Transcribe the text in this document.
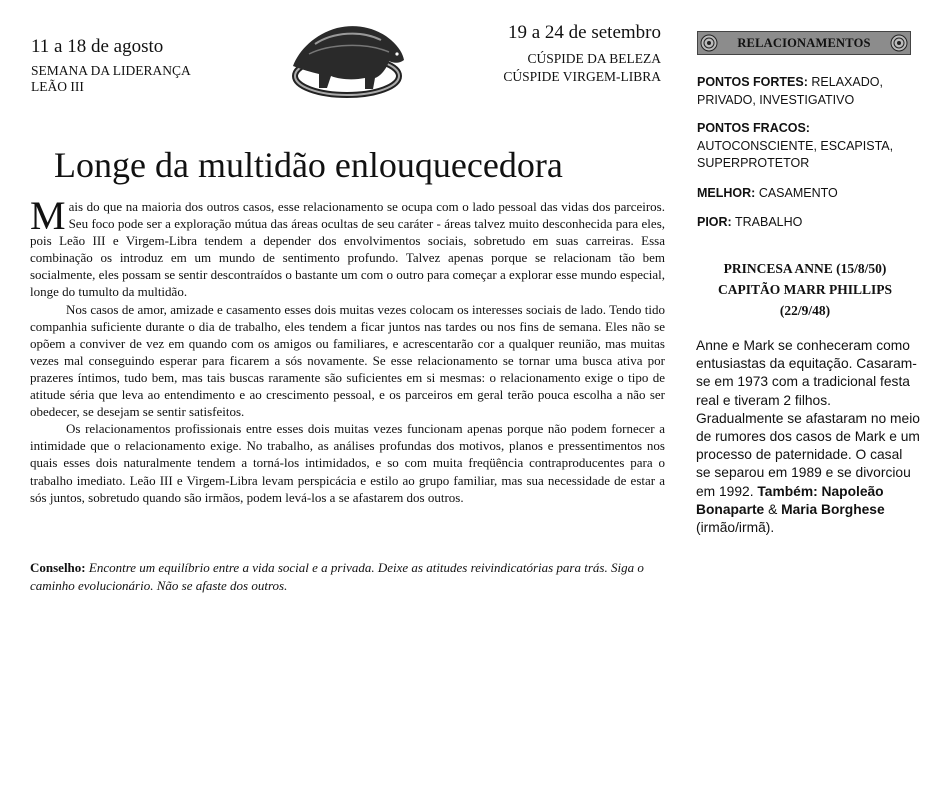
11 a 18 de agosto
SEMANA DA LIDERANÇA
LEÃO III
19 a 24 de setembro
CÚSPIDE DA BELEZA
CÚSPIDE VIRGEM-LIBRA
Longe da multidão enlouquecedora

Mais do que na maioria dos outros casos, esse relacionamento se ocupa com o lado pessoal das vidas dos parceiros. Seu foco pode ser a exploração mútua das áreas ocultas de seu caráter - áreas talvez muito desconhecida para eles, pois Leão III e Virgem-Libra tendem a depender dos envolvimentos sociais, sobretudo em suas carreiras. Essa combinação os introduz em um mundo de sentimento profundo. Talvez apenas porque se relacionam tão bem socialmente, eles possam se sentir descontraídos o bastante um com o outro para começar a explorar esse mundo especial, longe do tumulto da multidão.

Nos casos de amor, amizade e casamento esses dois muitas vezes colocam os interesses sociais de lado. Tendo tido companhia suficiente durante o dia de trabalho, eles tendem a ficar juntos nas tardes ou nos fins de semana. Eles não se opõem a conviver de vez em quando com os amigos ou familiares, e acrescentarão cor a qualquer reunião, mas muitas vezes mal conseguindo esperar para ficarem a sós novamente. Se esse relacionamento se tornar uma busca ativa por prazeres íntimos, tudo bem, mas tais buscas raramente são suficientes em si mesmas: o relacionamento exige o tipo de atitude séria que leva ao entendimento e ao crescimento pessoal, e os parceiros em geral terão pouca escolha a não ser obedecer, se desejam se sentir satisfeitos.

Os relacionamentos profissionais entre esses dois muitas vezes funcionam apenas porque não podem fornecer a intimidade que o relacionamento exige. No trabalho, as análises profundas dos motivos, planos e pressentimentos nos quais esses dois naturalmente tendem a torná-los intimidados, e so com muita freqüência contraproducentes para o trabalho imediato. Leão III e Virgem-Libra levam perspicácia e estilo ao grupo familiar, mas sua necessidade de estar a sós juntos, sobretudo quando são irmãos, podem levá-los a se afastarem dos outros.

Conselho: Encontre um equilíbrio entre a vida social e a privada. Deixe as atitudes reivindicatórias para trás. Siga o caminho evolucionário. Não se afaste dos outros.
RELACIONAMENTOS
PONTOS FORTES: RELAXADO, PRIVADO, INVESTIGATIVO
PONTOS FRACOS:
AUTOCONSCIENTE, ESCAPISTA, SUPERPROTETOR
MELHOR: CASAMENTO
PIOR: TRABALHO
PRINCESA ANNE (15/8/50)
CAPITÃO MARR PHILLIPS
(22/9/48)
Anne e Mark se conheceram como entusiastas da equitação. Casaram-se em 1973 com a tradicional festa real e tiveram 2 filhos. Gradualmente se afastaram no meio de rumores dos casos de Mark e um processo de paternidade. O casal se separou em 1989 e se divorciou em 1992. Também: Napoleão Bonaparte & Maria Borghese (irmão/irmã).
